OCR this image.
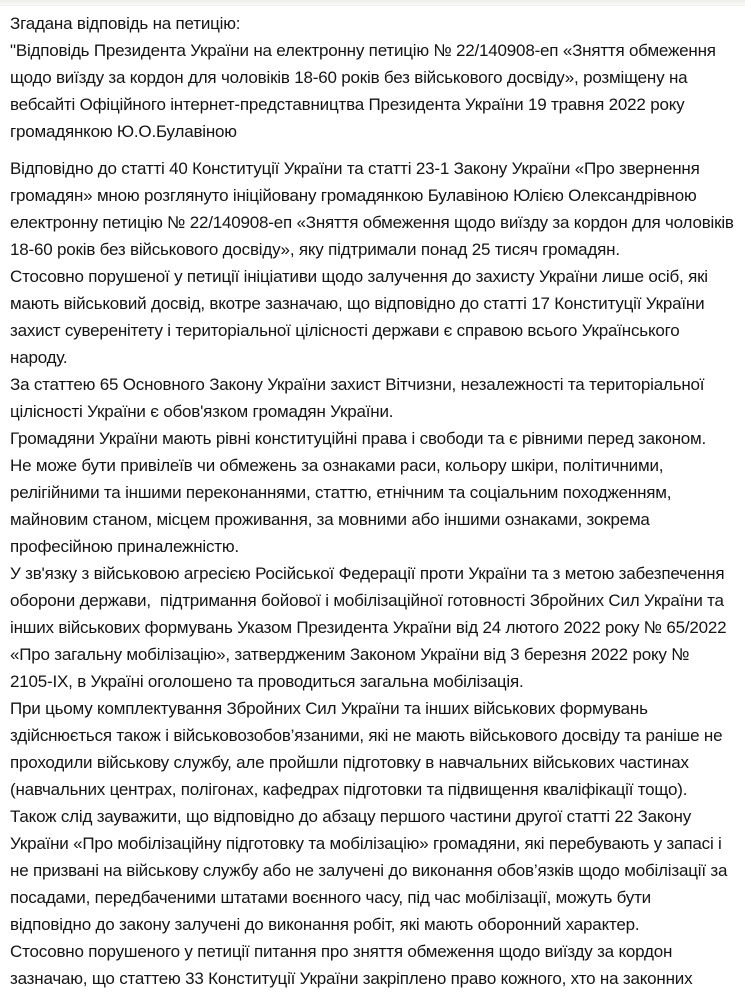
Згадана відповідь на петицію:

"Відповідь Президента України на електронну петицію № 22/140908-еп «Зняття обмеження щодо виїзду за кордон для чоловіків 18-60 років без військового досвіду», розміщену на вебсайті Офіційного інтернет-представництва Президента України 19 травня 2022 року громадянкою Ю.О.Булавіною

Відповідно до статті 40 Конституції України та статті 23-1 Закону України «Про звернення громадян» мною розглянуто ініційовану громадянкою Булавіною Юлією Олександрівною електронну петицію № 22/140908-еп «Зняття обмеження щодо виїзду за кордон для чоловіків 18-60 років без військового досвіду», яку підтримали понад 25 тисяч громадян.

Стосовно порушеної у петиції ініціативи щодо залучення до захисту України лише осіб, які мають військовий досвід, вкотре зазначаю, що відповідно до статті 17 Конституції України захист суверенітету і територіальної цілісності держави є справою всього Українського народу.

За статтею 65 Основного Закону України захист Вітчизни, незалежності та територіальної цілісності України є обов'язком громадян України.

Громадяни України мають рівні конституційні права і свободи та є рівними перед законом.

Не може бути привілеїв чи обмежень за ознаками раси, кольору шкіри, політичними, релігійними та іншими переконаннями, статтю, етнічним та соціальним походженням, майновим станом, місцем проживання, за мовними або іншими ознаками, зокрема професійною приналежністю.

У зв'язку з військовою агресією Російської Федерації проти України та з метою забезпечення оборони держави,  підтримання бойової і мобілізаційної готовності Збройних Сил України та інших військових формувань Указом Президента України від 24 лютого 2022 року № 65/2022 «Про загальну мобілізацію», затвердженим Законом України від 3 березня 2022 року № 2105-ІХ, в Україні оголошено та проводиться загальна мобілізація.

При цьому комплектування Збройних Сил України та інших військових формувань здійснюється також і військовозобов’язаними, які не мають військового досвіду та раніше не проходили військову службу, але пройшли підготовку в навчальних військових частинах (навчальних центрах, полігонах, кафедрах підготовки та підвищення кваліфікації тощо).

Також слід зауважити, що відповідно до абзацу першого частини другої статті 22 Закону України «Про мобілізаційну підготовку та мобілізацію» громадяни, які перебувають у запасі і не призвані на військову службу або не залучені до виконання обов’язків щодо мобілізації за посадами, передбаченими штатами воєнного часу, під час мобілізації, можуть бути відповідно до закону залучені до виконання робіт, які мають оборонний характер.

Стосовно порушеного у петиції питання про зняття обмеження щодо виїзду за кордон зазначаю, що статтею 33 Конституції України закріплено право кожного, хто на законних
